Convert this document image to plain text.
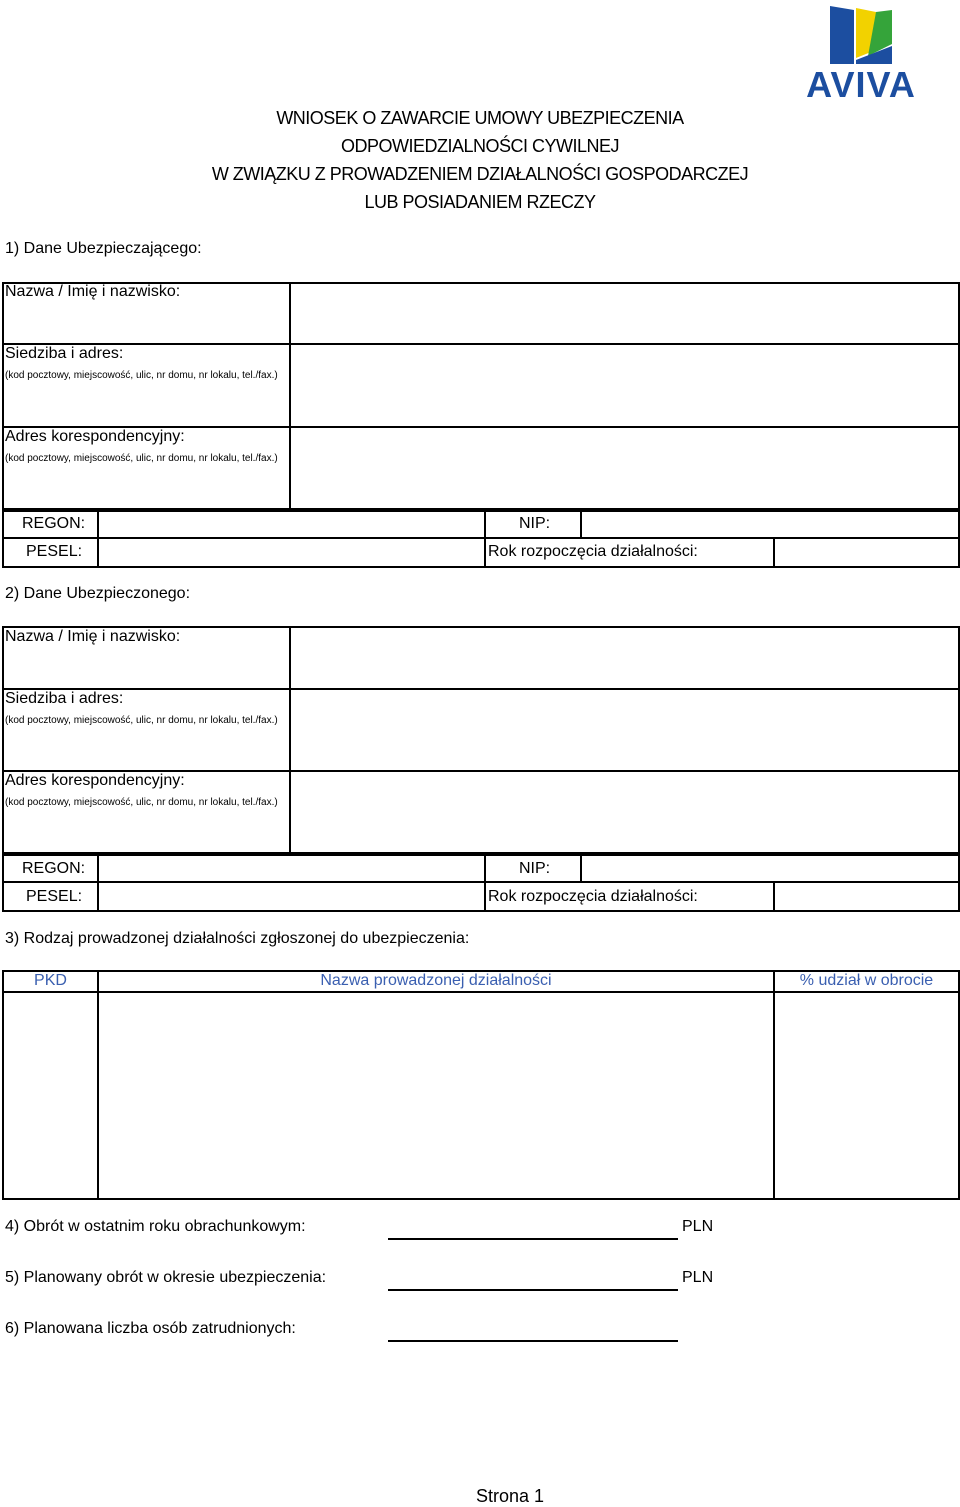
AVIVA
WNIOSEK O ZAWARCIE UMOWY UBEZPIECZENIA
ODPOWIEDZIALNOŚCI CYWILNEJ
W ZWIĄZKU Z PROWADZENIEM DZIAŁALNOŚCI GOSPODARCZEJ
LUB POSIADANIEM RZECZY
1) Dane Ubezpieczającego:
Nazwa / Imię i nazwisko:
Siedziba i adres:
(kod pocztowy, miejscowość, ulic, nr domu, nr lokalu, tel./fax.)
Adres korespondencyjny:
(kod pocztowy, miejscowość, ulic, nr domu, nr lokalu, tel./fax.)
REGON:	NIP:
PESEL:	Rok rozpoczęcia działalności:
2) Dane Ubezpieczonego:
Nazwa / Imię i nazwisko:
Siedziba i adres:
(kod pocztowy, miejscowość, ulic, nr domu, nr lokalu, tel./fax.)
Adres korespondencyjny:
(kod pocztowy, miejscowość, ulic, nr domu, nr lokalu, tel./fax.)
REGON:	NIP:
PESEL:	Rok rozpoczęcia działalności:
3) Rodzaj prowadzonej działalności zgłoszonej do ubezpieczenia:
PKD	Nazwa prowadzonej działalności	% udział w obrocie
4) Obrót w ostatnim roku obrachunkowym:	PLN
5) Planowany obrót w okresie ubezpieczenia:	PLN
6) Planowana liczba osób zatrudnionych:
Strona 1
